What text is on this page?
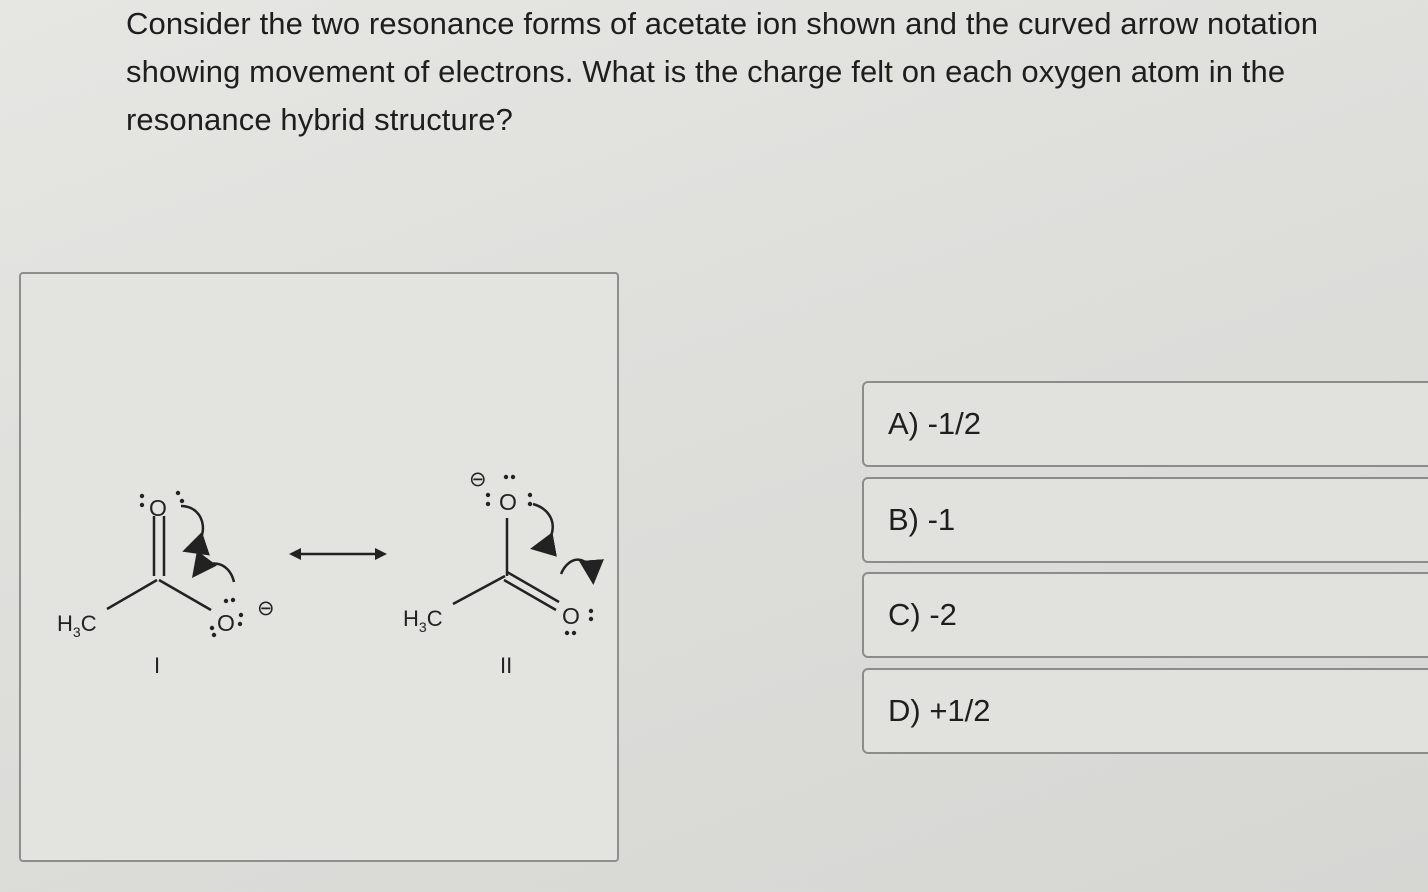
Consider the two resonance forms of acetate ion shown and the curved arrow notation showing movement of electrons. What is the charge felt on each oxygen atom in the resonance hybrid structure?
$H_3C$
O
O
⊖
I
$H_3C$
O
⊖
O
II
A) -1/2
B) -1
C) -2
D) +1/2
